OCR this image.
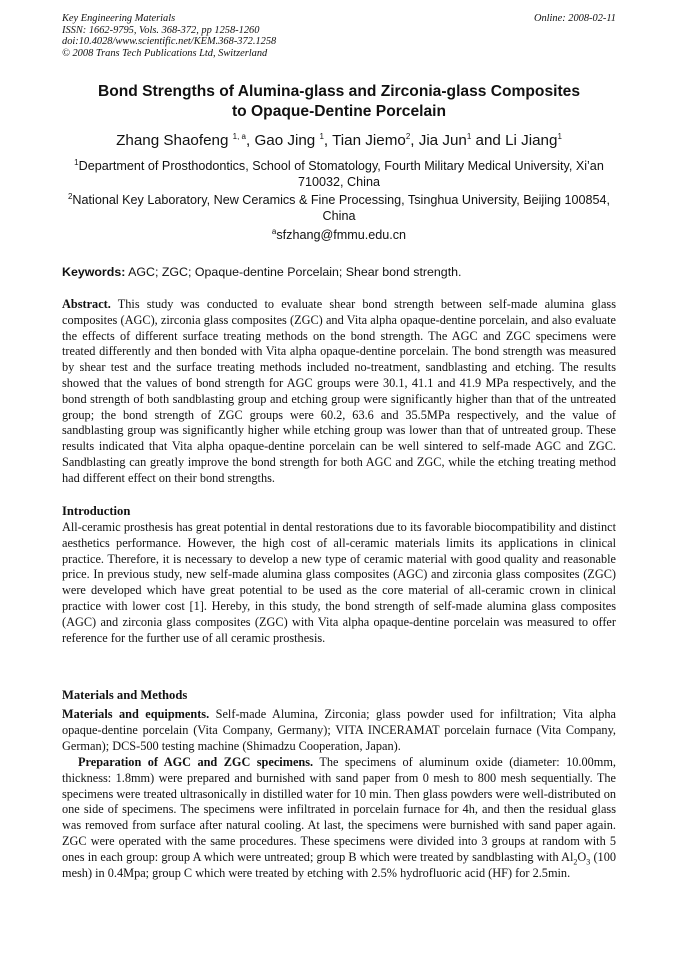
Key Engineering Materials
ISSN: 1662-9795, Vols. 368-372, pp 1258-1260
doi:10.4028/www.scientific.net/KEM.368-372.1258
© 2008 Trans Tech Publications Ltd, Switzerland
Online: 2008-02-11
Bond Strengths of Alumina-glass and Zirconia-glass Composites
to Opaque-Dentine Porcelain
Zhang Shaofeng $^{1, a}$, Gao Jing $^1$, Tian Jiemo$^2$, Jia Jun$^1$ and Li Jiang$^1$
$^1$Department of Prosthodontics, School of Stomatology, Fourth Military Medical University, Xi’an 710032, China
$^2$National Key Laboratory, New Ceramics & Fine Processing, Tsinghua University, Beijing 100854, China
$^a$sfzhang@fmmu.edu.cn
Keywords: AGC; ZGC; Opaque-dentine Porcelain; Shear bond strength.
Abstract. This study was conducted to evaluate shear bond strength between self-made alumina glass composites (AGC), zirconia glass composites (ZGC) and Vita alpha opaque-dentine porcelain, and also evaluate the effects of different surface treating methods on the bond strength. The AGC and ZGC specimens were treated differently and then bonded with Vita alpha opaque-dentine porcelain. The bond strength was measured by shear test and the surface treating methods included no-treatment, sandblasting and etching. The results showed that the values of bond strength for AGC groups were 30.1, 41.1 and 41.9 MPa respectively, and the bond strength of both sandblasting group and etching group were significantly higher than that of the untreated group; the bond strength of ZGC groups were 60.2, 63.6 and 35.5MPa respectively, and the value of sandblasting group was significantly higher while etching group was lower than that of untreated group. These results indicated that Vita alpha opaque-dentine porcelain can be well sintered to self-made AGC and ZGC. Sandblasting can greatly improve the bond strength for both AGC and ZGC, while the etching treating method had different effect on their bond strengths.
Introduction
All-ceramic prosthesis has great potential in dental restorations due to its favorable biocompatibility and distinct aesthetics performance. However, the high cost of all-ceramic materials limits its applications in clinical practice. Therefore, it is necessary to develop a new type of ceramic material with good quality and reasonable price. In previous study, new self-made alumina glass composites (AGC) and zirconia glass composites (ZGC) were developed which have great potential to be used as the core material of all-ceramic crown in clinical practice with lower cost [1]. Hereby, in this study, the bond strength of self-made alumina glass composites (AGC) and zirconia glass composites (ZGC) with Vita alpha opaque-dentine porcelain was measured to offer reference for the further use of all ceramic prosthesis.
Materials and Methods
Materials and equipments. Self-made Alumina, Zirconia; glass powder used for infiltration; Vita alpha opaque-dentine porcelain (Vita Company, Germany); VITA INCERAMAT porcelain furnace (Vita Company, German); DCS-500 testing machine (Shimadzu Cooperation, Japan).
Preparation of AGC and ZGC specimens. The specimens of aluminum oxide (diameter: 10.00mm, thickness: 1.8mm) were prepared and burnished with sand paper from 0 mesh to 800 mesh sequentially. The specimens were treated ultrasonically in distilled water for 10 min. Then glass powders were well-distributed on one side of specimens. The specimens were infiltrated in porcelain furnace for 4h, and then the residual glass was removed from surface after natural cooling. At last, the specimens were burnished with sand paper again. ZGC were operated with the same procedures. These specimens were divided into 3 groups at random with 5 ones in each group: group A which were untreated; group B which were treated by sandblasting with $Al_2O_3$ (100 mesh) in 0.4Mpa; group C which were treated by etching with 2.5% hydrofluoric acid (HF) for 2.5min.
